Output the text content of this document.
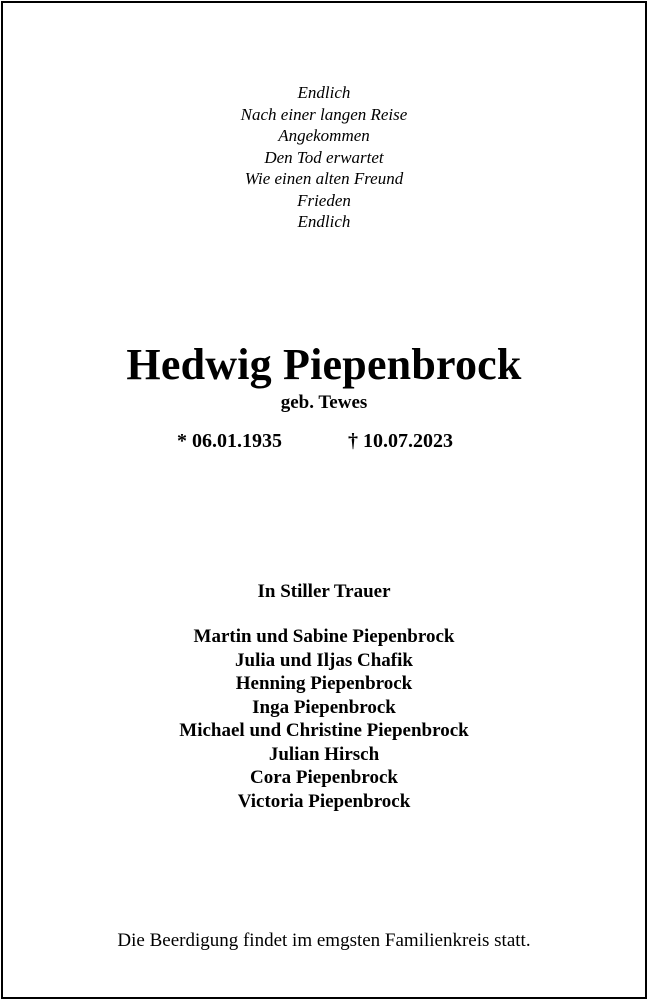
Endlich
Nach einer langen Reise
Angekommen
Den Tod erwartet
Wie einen alten Freund
Frieden
Endlich
Hedwig Piepenbrock
geb. Tewes
* 06.01.1935	† 10.07.2023
In Stiller Trauer
Martin und Sabine Piepenbrock
Julia und Iljas Chafik
Henning Piepenbrock
Inga Piepenbrock
Michael und Christine Piepenbrock
Julian Hirsch
Cora Piepenbrock
Victoria Piepenbrock
Die Beerdigung findet im emgsten Familienkreis statt.
